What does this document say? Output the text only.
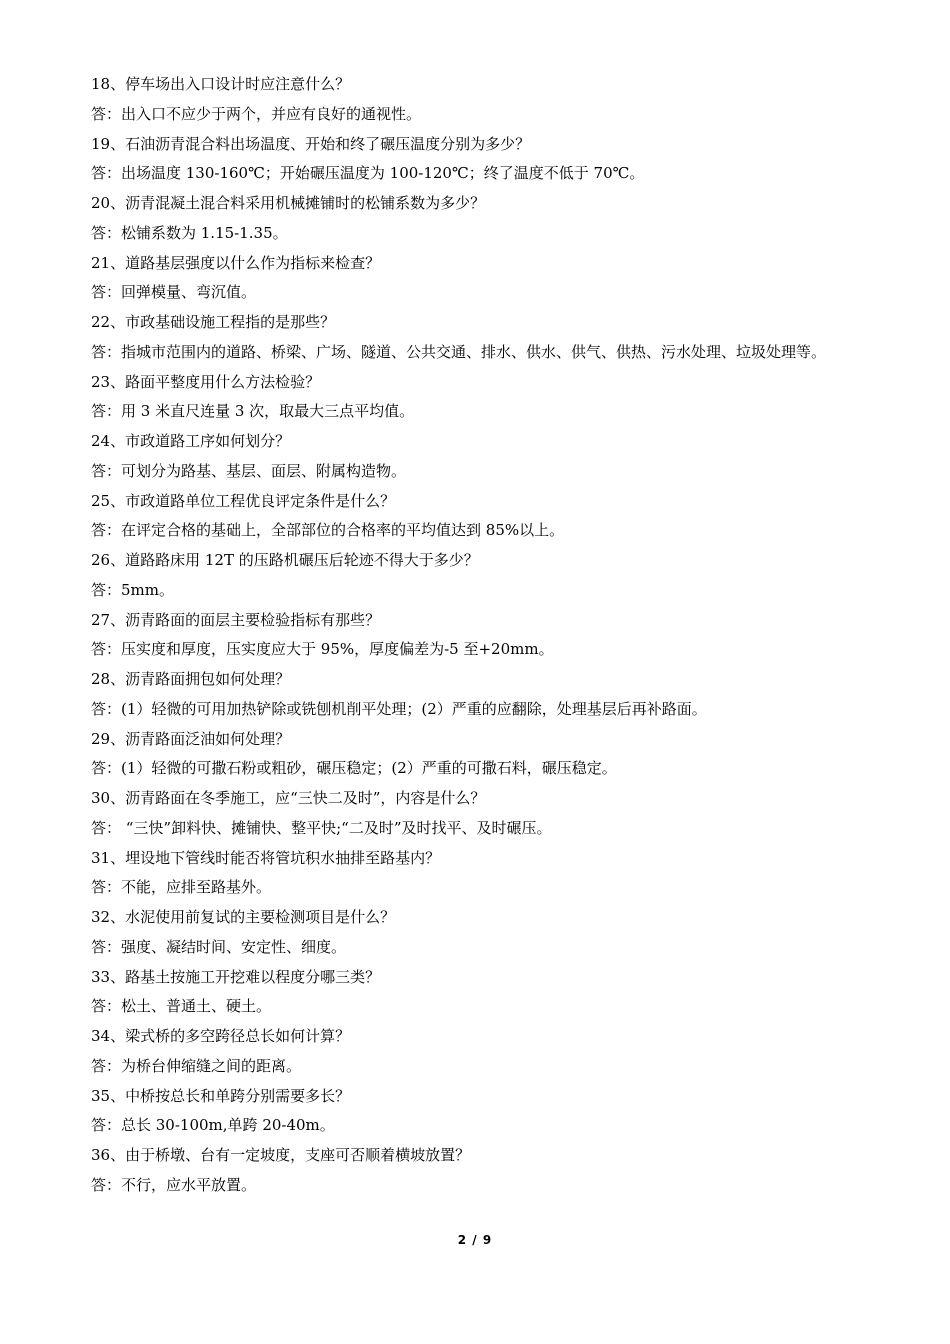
18、停车场出入口设计时应注意什么？

答：出入口不应少于两个，并应有良好的通视性。

19、石油沥青混合料出场温度、开始和终了碾压温度分别为多少？

答：出场温度 130-160℃；开始碾压温度为 100-120℃；终了温度不低于 70℃。

20、沥青混凝土混合料采用机械摊铺时的松铺系数为多少？

答：松铺系数为 1.15-1.35。

21、道路基层强度以什么作为指标来检查？

答：回弹模量、弯沉值。

22、市政基础设施工程指的是那些？

答：指城市范围内的道路、桥梁、广场、隧道、公共交通、排水、供水、供气、供热、污水处理、垃圾处理等。

23、路面平整度用什么方法检验？

答：用 3 米直尺连量 3 次，取最大三点平均值。

24、市政道路工序如何划分？

答：可划分为路基、基层、面层、附属构造物。

25、市政道路单位工程优良评定条件是什么？

答：在评定合格的基础上，全部部位的合格率的平均值达到 85%以上。

26、道路路床用 12T 的压路机碾压后轮迹不得大于多少？

答：5mm。

27、沥青路面的面层主要检验指标有那些？

答：压实度和厚度，压实度应大于 95%，厚度偏差为-5 至+20mm。

28、沥青路面拥包如何处理？

答：(1）轻微的可用加热铲除或铣刨机削平处理；(2）严重的应翻除，处理基层后再补路面。

29、沥青路面泛油如何处理？

答：(1）轻微的可撒石粉或粗砂，碾压稳定；(2）严重的可撒石料，碾压稳定。

30、沥青路面在冬季施工，应“三快二及时”，内容是什么？

答： “三快”卸料快、摊铺快、整平快;“二及时”及时找平、及时碾压。

31、埋设地下管线时能否将管坑积水抽排至路基内？

答：不能，应排至路基外。

32、水泥使用前复试的主要检测项目是什么？

答：强度、凝结时间、安定性、细度。

33、路基土按施工开挖难以程度分哪三类？

答：松土、普通土、硬土。

34、梁式桥的多空跨径总长如何计算？

答：为桥台伸缩缝之间的距离。

35、中桥按总长和单跨分别需要多长？

答：总长 30-100m,单跨 20-40m。

36、由于桥墩、台有一定坡度，支座可否顺着横坡放置？

答：不行，应水平放置。

2 / 9
